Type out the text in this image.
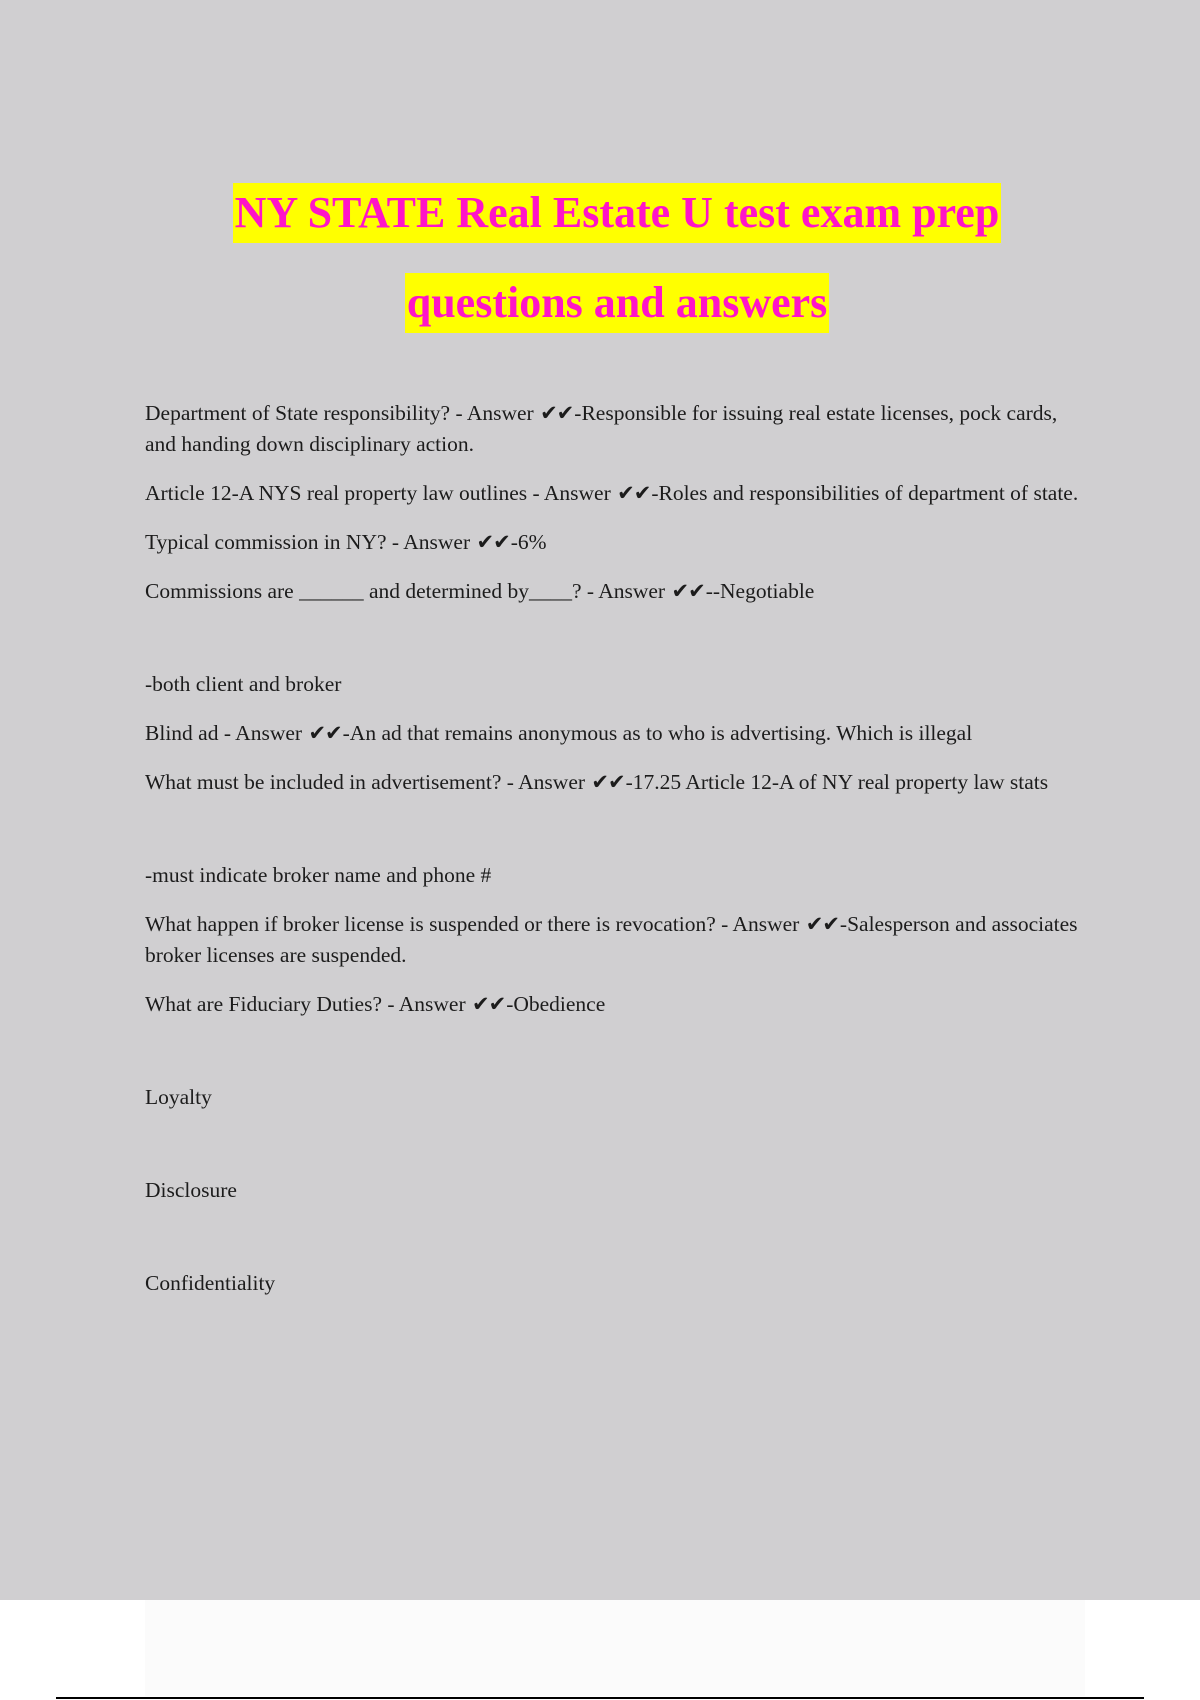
NY STATE Real Estate U test exam prep
questions and answers

Department of State responsibility? - Answer ✔✔-Responsible for issuing real estate licenses, pock cards, and handing down disciplinary action.

Article 12-A NYS real property law outlines - Answer ✔✔-Roles and responsibilities of department of state.

Typical commission in NY? - Answer ✔✔-6%

Commissions are ______ and determined by____? - Answer ✔✔--Negotiable

-both client and broker

Blind ad - Answer ✔✔-An ad that remains anonymous as to who is advertising. Which is illegal

What must be included in advertisement? - Answer ✔✔-17.25 Article 12-A of NY real property law stats

-must indicate broker name and phone #

What happen if broker license is suspended or there is revocation? - Answer ✔✔-Salesperson and associates broker licenses are suspended.

What are Fiduciary Duties? - Answer ✔✔-Obedience

Loyalty

Disclosure

Confidentiality
